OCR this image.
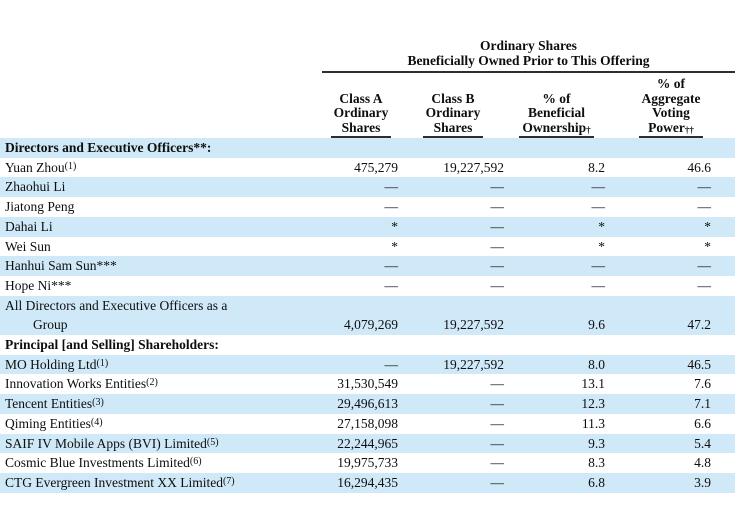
	Ordinary Shares
Beneficially Owned Prior to This Offering			

Class A
Ordinary
Shares

Class B
Ordinary
Shares

% of
Beneficial
Ownership†

% of
Aggregate
Voting
Power††

Directors and Executive Officers**:				
Yuan Zhou$^{(1)}$	475,279	19,227,592	8.2	46.6
Zhaohui Li	—	—	—	—
Jiatong Peng	—	—	—	—
Dahai Li	*	—	*	*
Wei Sun	*	—	*	*
Hanhui Sam Sun***	—	—	—	—
Hope Ni***	—	—	—	—

All Directors and Executive Officers as a
Group	4,079,269	19,227,592	9.6	47.2
Principal [and Selling] Shareholders:				
MO Holding Ltd$^{(1)}$	—	19,227,592	8.0	46.5
Innovation Works Entities$^{(2)}$	31,530,549	—	13.1	7.6
Tencent Entities$^{(3)}$	29,496,613	—	12.3	7.1
Qiming Entities$^{(4)}$	27,158,098	—	11.3	6.6
SAIF IV Mobile Apps (BVI) Limited$^{(5)}$	22,244,965	—	9.3	5.4
Cosmic Blue Investments Limited$^{(6)}$	19,975,733	—	8.3	4.8
CTG Evergreen Investment XX Limited$^{(7)}$	16,294,435	—	6.8	3.9
